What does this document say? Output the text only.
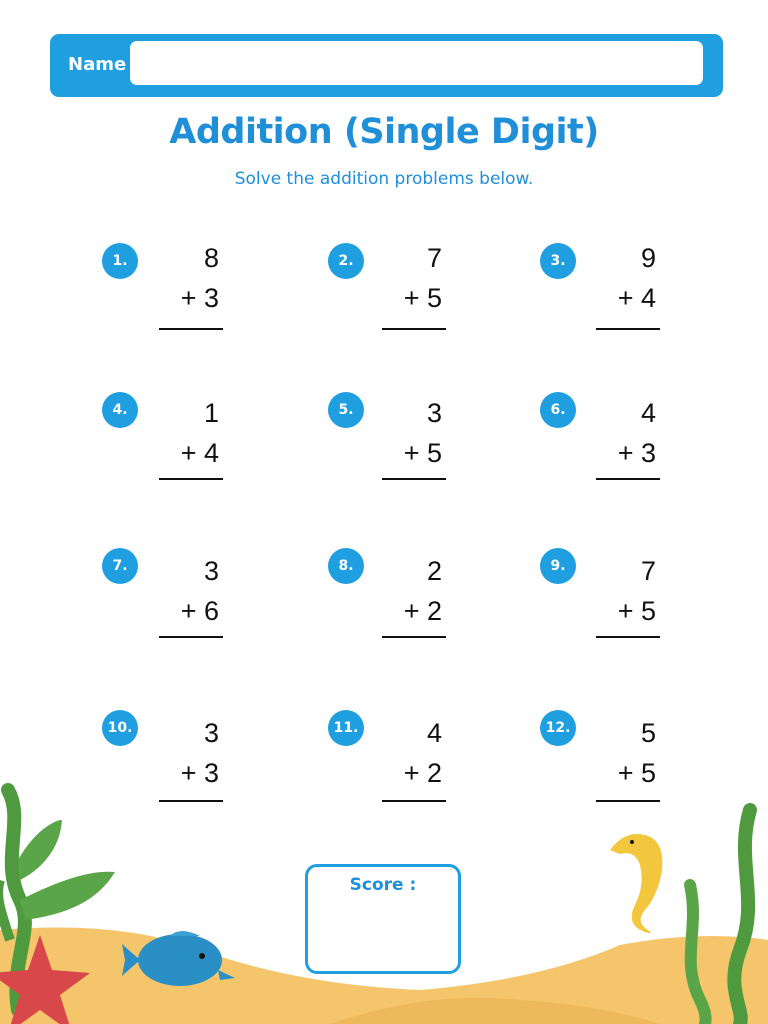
Name
Addition (Single Digit)
Solve the addition problems below.
1.	8
+ 3
2.	7
+ 5
3.	9
+ 4
4.	1
+ 4
5.	3
+ 5
6.	4
+ 3
7.	3
+ 6
8.	2
+ 2
9.	7
+ 5
10.	3
+ 3
11.	4
+ 2
12.	5
+ 5
Score :
